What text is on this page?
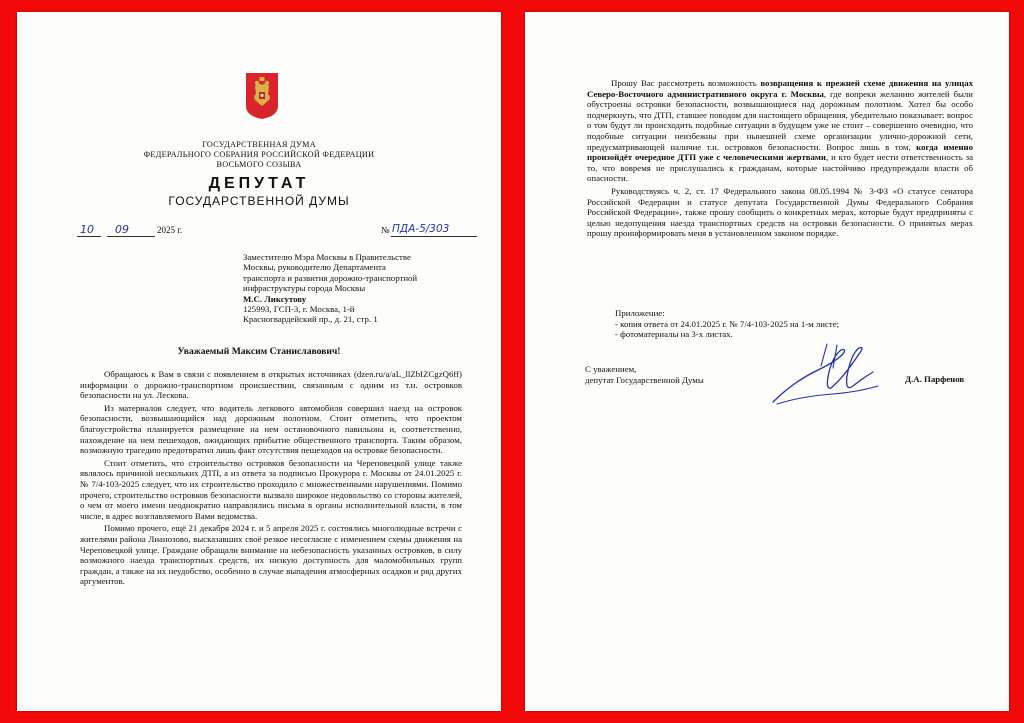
ГОСУДАРСТВЕННАЯ ДУМА
ФЕДЕРАЛЬНОГО СОБРАНИЯ РОССИЙСКОЙ ФЕДЕРАЦИИ
ВОСЬМОГО СОЗЫВА
ДЕПУТАТ
ГОСУДАРСТВЕННОЙ ДУМЫ
10 09	2025 г.	№ ПДА-5/303
Заместителю Мэра Москвы в Правительстве
Москвы, руководителю Департамента
транспорта и развития дорожно-транспортной
инфраструктуры города Москвы
М.С. Ликсутову
125993, ГСП-3, г. Москва, 1-й
Красногвардейский пр., д. 21, стр. 1
Уважаемый Максим Станиславович!

Обращаюсь к Вам в связи с появлением в открытых источниках (dzen.ru/a/aL_llZbIZCgzQ6ff) информации о дорожно-транспортном происшествии, связанным с одним из т.н. островков безопасности на ул. Лескова.

Из материалов следует, что водитель легкового автомобиля совершил наезд на островок безопасности, возвышающийся над дорожным полотном. Стоит отметить, что проектом благоустройства планируется размещение на нем остановочного павильона и, соответственно, нахождение на нем пешеходов, ожидающих прибытие общественного транспорта. Таким образом, возможную трагедию предотвратил лишь факт отсутствия пешеходов на островке безопасности.

Стоит отметить, что строительство островков безопасности на Череповецкой улице также являлось причиной нескольких ДТП, а из ответа за подписью Прокурора г. Москвы от 24.01.2025 г. № 7/4-103-2025 следует, что их строительство проходило с множественными нарушениями. Помимо прочего, строительство островков безопасности вызвало широкое недовольство со стороны жителей, о чем от моего имени неоднократно направлялись письма в органы исполнительной власти, в том числе, в адрес возглавляемого Вами ведомства.

Помимо прочего, ещё 21 декабря 2024 г. и 5 апреля 2025 г. состоялись многолюдные встречи с жителями района Лианозово, высказавших своё резкое несогласие с изменением схемы движения на Череповецкой улице. Граждане обращали внимание на небезопасность указанных островков, в силу возможного наезда транспортных средств, их низкую доступность для маломобильных групп граждан, а также на их неудобство, особенно в случае выпадения атмосферных осадков и ряд других аргументов.

Прошу Вас рассмотреть возможность возвращения к прежней схеме движения на улицах Северо-Восточного административного округа г. Москвы, где вопреки желанию жителей были обустроены островки безопасности, возвышающиеся над дорожным полотном. Хотел бы особо подчеркнуть, что ДТП, ставшее поводом для настоящего обращения, убедительно показывает: вопрос о том будут ли происходить подобные ситуации в будущем уже не стоит – совершенно очевидно, что подобные ситуации неизбежны при нынешней схеме организации улично-дорожной сети, предусматривающей наличие т.н. островков безопасности. Вопрос лишь в том, когда именно произойдёт очередное ДТП уже с человеческими жертвами, и кто будет нести ответственность за то, что вовремя не прислушались к гражданам, которые настойчиво предупреждали власти об опасности.

Руководствуясь ч. 2, ст. 17 Федерального закона 08.05.1994 № 3-ФЗ «О статусе сенатора Российской Федерации и статусе депутата Государственной Думы Федерального Собрания Российской Федерации», также прошу сообщить о конкретных мерах, которые будут предприняты с целью недопущения наезда транспортных средств на островки безопасности. О принятых мерах прошу проинформировать меня в установленном законом порядке.

Приложение:
- копия ответа от 24.01.2025 г. № 7/4-103-2025 на 1-м листе;
- фотоматериалы на 3-х листах.
С уважением,
депутат Государственной Думы	Д.А. Парфенов
